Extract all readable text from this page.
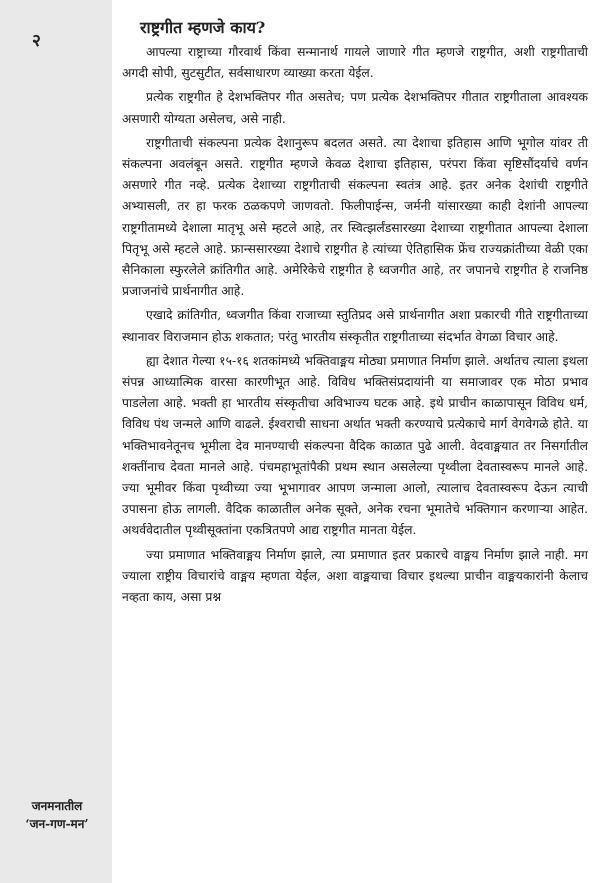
२
जनमनातील
‘जन-गण-मन’
राष्ट्रगीत म्हणजे काय?

आपल्या राष्ट्राच्या गौरवार्थ किंवा सन्मानार्थ गायले जाणारे गीत म्हणजे राष्ट्रगीत, अशी राष्ट्रगीताची अगदी सोपी, सुटसुटीत, सर्वसाधारण व्याख्या करता येईल.

प्रत्येक राष्ट्रगीत हे देशभक्तिपर गीत असतेच; पण प्रत्येक देशभक्तिपर गीतात राष्ट्रगीताला आवश्यक असणारी योग्यता असेलच, असे नाही.

राष्ट्रगीताची संकल्पना प्रत्येक देशानुरूप बदलत असते. त्या देशाचा इतिहास आणि भूगोल यांवर ती संकल्पना अवलंबून असते. राष्ट्रगीत म्हणजे केवळ देशाचा इतिहास, परंपरा किंवा सृष्टिसौंदर्याचे वर्णन असणारे गीत नव्हे. प्रत्येक देशाच्या राष्ट्रगीताची संकल्पना स्वतंत्र आहे. इतर अनेक देशांची राष्ट्रगीते अभ्यासली, तर हा फरक ठळकपणे जाणवतो. फिलीपाईन्स, जर्मनी यांसारख्या काही देशांनी आपल्या राष्ट्रगीतामध्ये देशाला मातृभू असे म्हटले आहे, तर स्वित्झर्लंडसारख्या देशाच्या राष्ट्रगीतात आपल्या देशाला पितृभू असे म्हटले आहे. फ्रान्ससारख्या देशाचे राष्ट्रगीत हे त्यांच्या ऐतिहासिक फ्रेंच राज्यक्रांतीच्या वेळी एका सैनिकाला स्फुरलेले क्रांतिगीत आहे. अमेरिकेचे राष्ट्रगीत हे ध्वजगीत आहे, तर जपानचे राष्ट्रगीत हे राजनिष्ठ प्रजाजनांचे प्रार्थनागीत आहे.

एखादे क्रांतिगीत, ध्वजगीत किंवा राजाच्या स्तुतिप्रद असे प्रार्थनागीत अशा प्रकारची गीते राष्ट्रगीताच्या स्थानावर विराजमान होऊ शकतात; परंतु भारतीय संस्कृतीत राष्ट्रगीताच्या संदर्भात वेगळा विचार आहे.

ह्या देशात गेल्या १५-१६ शतकांमध्ये भक्तिवाङ्मय मोठ्या प्रमाणात निर्माण झाले. अर्थातच त्याला इथला संपन्न आध्यात्मिक वारसा कारणीभूत आहे. विविध भक्तिसंप्रदायांनी या समाजावर एक मोठा प्रभाव पाडलेला आहे. भक्ती हा भारतीय संस्कृतीचा अविभाज्य घटक आहे. इथे प्राचीन काळापासून विविध धर्म, विविध पंथ जन्मले आणि वाढले. ईश्वराची साधना अर्थात भक्ती करण्याचे प्रत्येकाचे मार्ग वेगवेगळे होते. या भक्तिभावनेतूनच भूमीला देव मानण्याची संकल्पना वैदिक काळात पुढे आली. वेदवाङ्मयात तर निसर्गातील शक्तींनाच देवता मानले आहे. पंचमहाभूतांपैकी प्रथम स्थान असलेल्या पृथ्वीला देवतास्वरूप मानले आहे. ज्या भूमीवर किंवा पृथ्वीच्या ज्या भूभागावर आपण जन्माला आलो, त्यालाच देवतास्वरूप देऊन त्याची उपासना होऊ लागली. वैदिक काळातील अनेक सूक्ते, अनेक रचना भूमातेचे भक्तिगान करणाऱ्या आहेत. अथर्ववेदातील पृथ्वीसूक्तांना एकत्रितपणे आद्य राष्ट्रगीत मानता येईल.

ज्या प्रमाणात भक्तिवाङ्मय निर्माण झाले, त्या प्रमाणात इतर प्रकारचे वाङ्मय निर्माण झाले नाही. मग ज्याला राष्ट्रीय विचारांचे वाङ्मय म्हणता येईल, अशा वाङ्मयाचा विचार इथल्या प्राचीन वाङ्मयकारांनी केलाच नव्हता काय, असा प्रश्न
